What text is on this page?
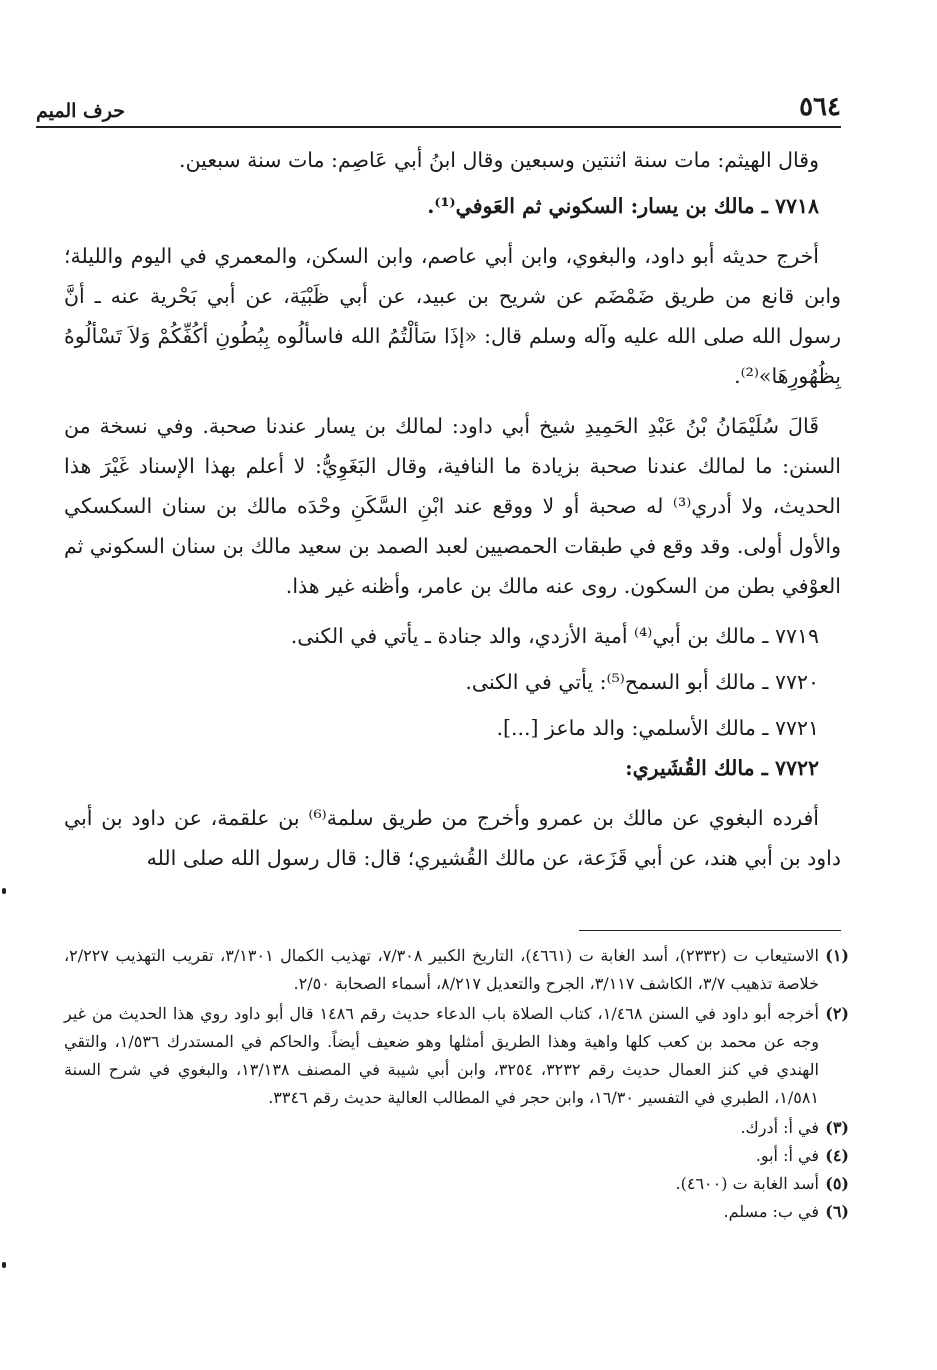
٥٦٤
حرف الميم

وقال الهيثم: مات سنة اثنتين وسبعين وقال ابنُ أبي عَاصِم: مات سنة سبعين.

٧٧١٨ ـ مالك بن يسار: السكوني ثم العَوفي⁽¹⁾.

أخرج حديثه أبو داود، والبغوي، وابن أبي عاصم، وابن السكن، والمعمري في اليوم والليلة؛ وابن قانع من طريق ضَمْضَم عن شريح بن عبيد، عن أبي ظَبْيَة، عن أبي بَحْرية عنه ـ أنَّ رسول الله صلى الله عليه وآله وسلم قال: «إذَا سَألْتُمُ الله فاسألُوه بِبُطُونِ أكُفِّكُمْ وَلاَ تَسْألُوهُ بِظُهُورِهَا»⁽²⁾.

قَالَ سُلَيْمَانُ بْنُ عَبْدِ الحَمِيدِ شيخ أبي داود: لمالك بن يسار عندنا صحبة. وفي نسخة من السنن: ما لمالك عندنا صحبة بزيادة ما النافية، وقال البَغَوِيُّ: لا أعلم بهذا الإسناد غَيْرَ هذا الحديث، ولا أدري⁽³⁾ له صحبة أو لا ووقع عند ابْنِ السَّكَنِ وحْدَه مالك بن سنان السكسكي والأول أولى. وقد وقع في طبقات الحمصيين لعبد الصمد بن سعيد مالك بن سنان السكوني ثم العوْفي بطن من السكون. روى عنه مالك بن عامر، وأظنه غير هذا.

٧٧١٩ ـ مالك بن أبي⁽⁴⁾ أمية الأزدي، والد جنادة ـ يأتي في الكنى.

٧٧٢٠ ـ مالك أبو السمح⁽⁵⁾: يأتي في الكنى.

٧٧٢١ ـ مالك الأسلمي: والد ماعز [...].

٧٧٢٢ ـ مالك القُشَيري:

أفرده البغوي عن مالك بن عمرو وأخرج من طريق سلمة⁽⁶⁾ بن علقمة، عن داود بن أبي داود بن أبي هند، عن أبي قَزَعة، عن مالك القُشيري؛ قال: قال رسول الله صلى الله

(١)
الاستيعاب ت (٢٣٣٢)، أسد الغابة ت (٤٦٦١)، التاريخ الكبير ٧/٣٠٨، تهذيب الكمال ٣/١٣٠١، تقريب التهذيب ٢/٢٢٧، خلاصة تذهيب ٣/٧، الكاشف ٣/١١٧، الجرح والتعديل ٨/٢١٧، أسماء الصحابة ٢/٥٠.
(٢)
أخرجه أبو داود في السنن ١/٤٦٨، كتاب الصلاة باب الدعاء حديث رقم ١٤٨٦ قال أبو داود روي هذا الحديث من غير وجه عن محمد بن كعب كلها واهية وهذا الطريق أمثلها وهو ضعيف أيضاً. والحاكم في المستدرك ١/٥٣٦، والتقي الهندي في كنز العمال حديث رقم ٣٢٣٢، ٣٢٥٤، وابن أبي شيبة في المصنف ١٣/١٣٨، والبغوي في شرح السنة ١/٥٨١، الطبري في التفسير ١٦/٣٠، وابن حجر في المطالب العالية حديث رقم ٣٣٤٦.
(٣)
في أ: أدرك.
(٤)
في أ: أبو.
(٥)
أسد الغابة ت (٤٦٠٠).
(٦)
في ب: مسلم.
